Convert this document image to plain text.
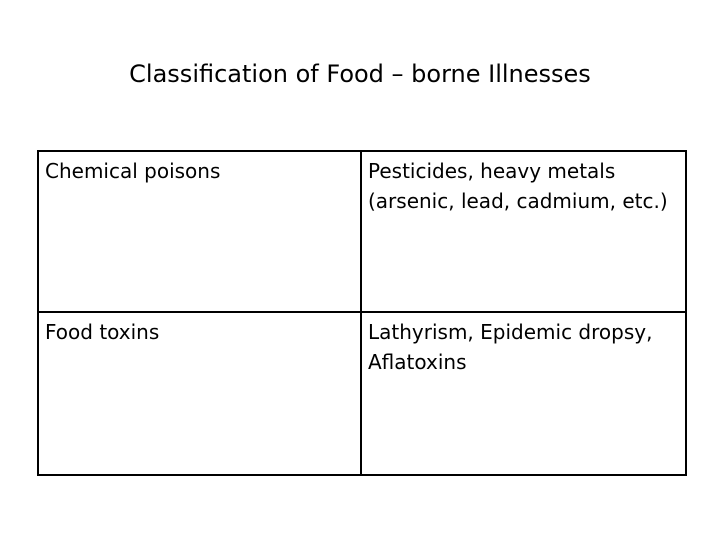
Classification of Food – borne Illnesses
Chemical poisons	Pesticides, heavy metals (arsenic, lead, cadmium, etc.)
Food toxins	Lathyrism, Epidemic dropsy, Aflatoxins
